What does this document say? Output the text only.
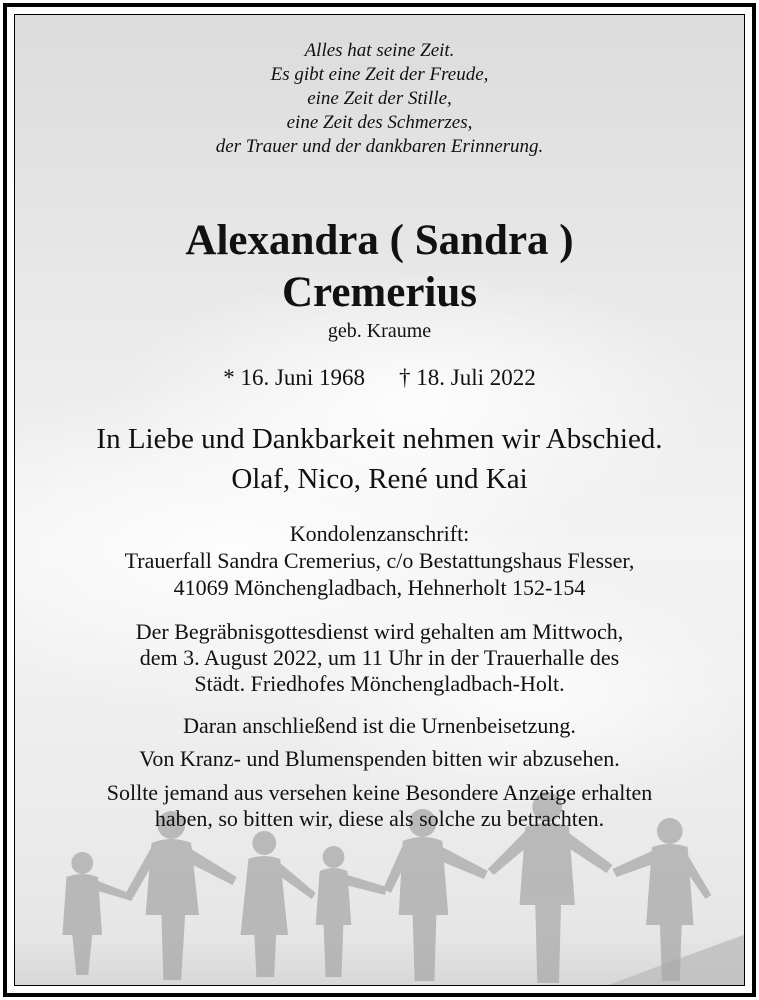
Alles hat seine Zeit.
Es gibt eine Zeit der Freude,
eine Zeit der Stille,
eine Zeit des Schmerzes,
der Trauer und der dankbaren Erinnerung.
Alexandra ( Sandra )
Cremerius
geb. Kraume
* 16. Juni 1968 † 18. Juli 2022
In Liebe und Dankbarkeit nehmen wir Abschied.
Olaf, Nico, René und Kai
Kondolenzanschrift:
Trauerfall Sandra Cremerius, c/o Bestattungshaus Flesser,
41069 Mönchengladbach, Hehnerholt 152-154
Der Begräbnisgottesdienst wird gehalten am Mittwoch,
dem 3. August 2022, um 11 Uhr in der Trauerhalle des
Städt. Friedhofes Mönchengladbach-Holt.
Daran anschließend ist die Urnenbeisetzung.
Von Kranz- und Blumenspenden bitten wir abzusehen.
Sollte jemand aus versehen keine Besondere Anzeige erhalten
haben, so bitten wir, diese als solche zu betrachten.
